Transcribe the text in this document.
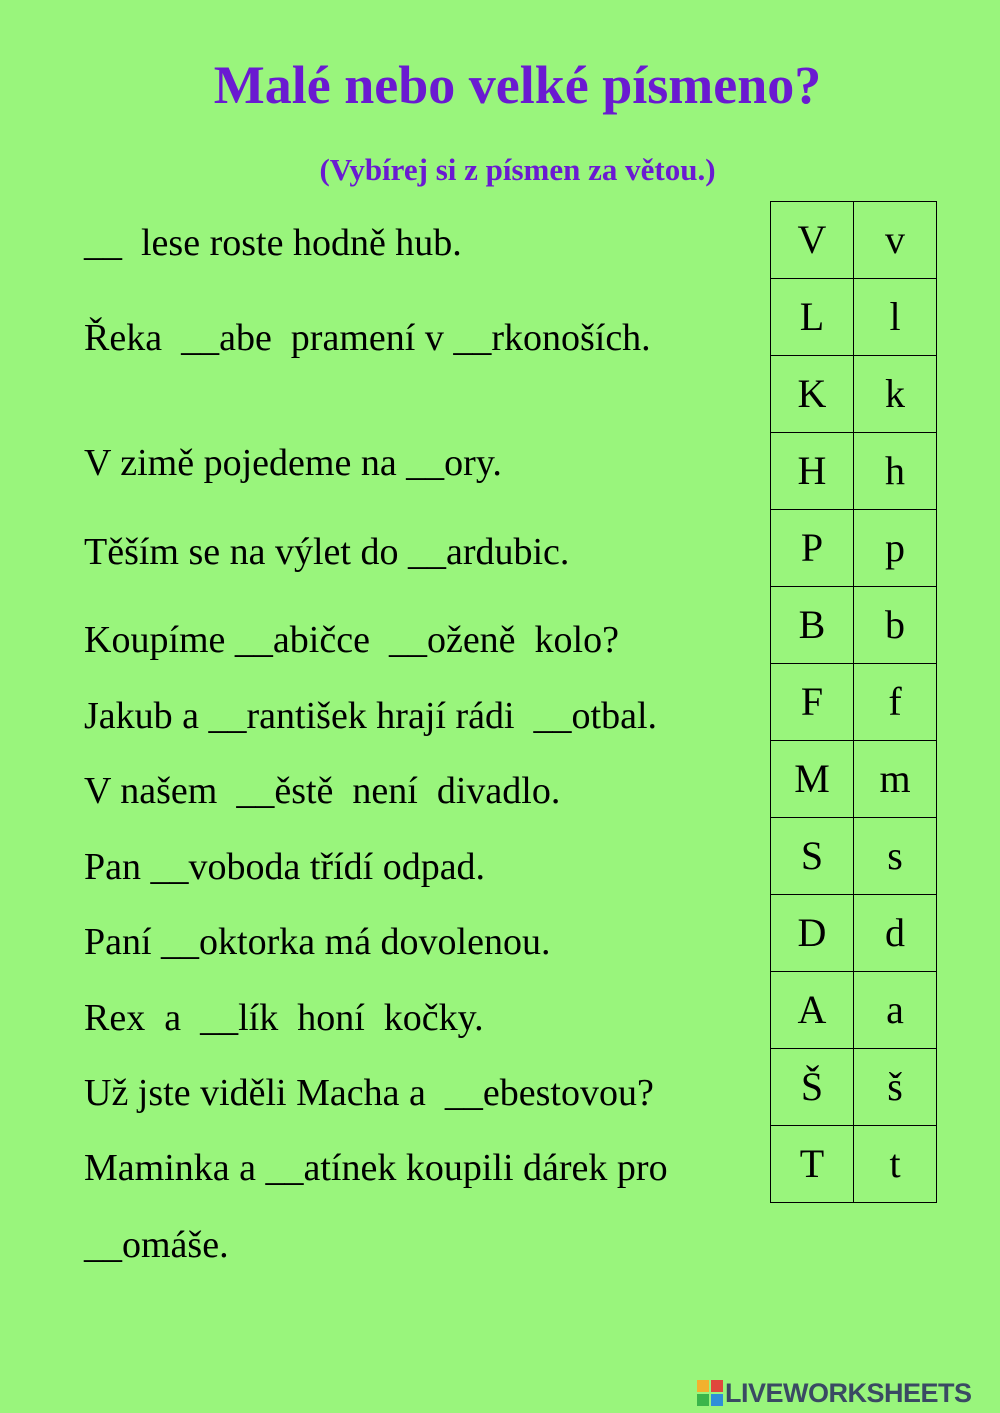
Malé nebo velké písmeno?
(Vybírej si z písmen za větou.)
__  lese roste hodně hub.
Řeka  __abe  pramení v __rkonoších.
V zimě pojedeme na __ory.
Těším se na výlet do __ardubic.
Koupíme __abičce  __oženě  kolo?
Jakub a __rantišek hrají rádi  __otbal.
V našem  __ěstě  není  divadlo.
Pan __voboda třídí odpad.
Paní __oktorka má dovolenou.
Rex  a  __lík  honí  kočky.
Už jste viděli Macha a  __ebestovou?
Maminka a __atínek koupili dárek pro
__omáše.
V	v
L	l
K	k
H	h
P	p
B	b
F	f
M	m
S	s
D	d
A	a
Š	š
T	t
LIVEWORKSHEETS
